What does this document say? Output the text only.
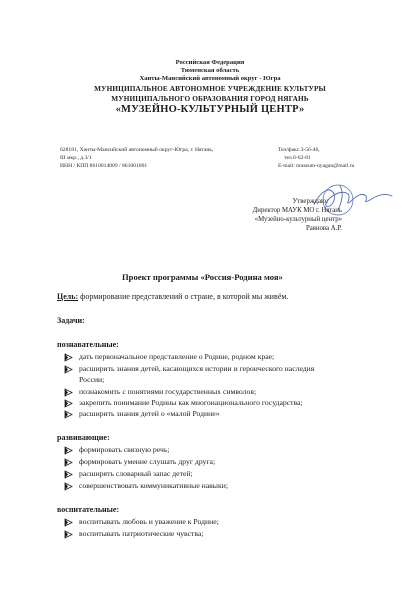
Российская Федерация
Тюменская область
Ханты-Мансийский автономный округ - Югра
МУНИЦИПАЛЬНОЕ АВТОНОМНОЕ УЧРЕЖДЕНИЕ КУЛЬТУРЫ
МУНИЦИПАЛЬНОГО ОБРАЗОВАНИЯ ГОРОД НЯГАНЬ
«МУЗЕЙНО-КУЛЬТУРНЫЙ ЦЕНТР»
628181, Ханты-Мансийский автономный округ-Югра, г. Нягань,
III мкр., д.3/1
ИНН / КПП 8610014009 / 861001001
Тел/факс.3-56-46,
тел.6-62-81
E-mail: museum-nyagan@mail.ru
Утверждаю:
Директор МАУК МО г. Нягань
«Музейно-культурный центр»
Раянова А.Р.
Проект программы «Россия-Родина моя»
Цель: формирование представлений о стране, в которой мы живём.
Задачи:
познавательные:
дать первоначальное представление о Родине, родном крае;
расширить знания детей, касающихся истории и героического наследия
России;
познакомить с понятиями государственных символов;
закрепить понимание Родины как многонационального государства;
расширить знания детей о «малой Родине»
развивающие:
формировать связную речь;
формировать умение слушать друг друга;
расширять словарный запас детей;
совершенствовать коммуникативные навыки;
воспитательные:
воспитывать любовь и уважение к Родине;
воспитывать патриотические чувства;
